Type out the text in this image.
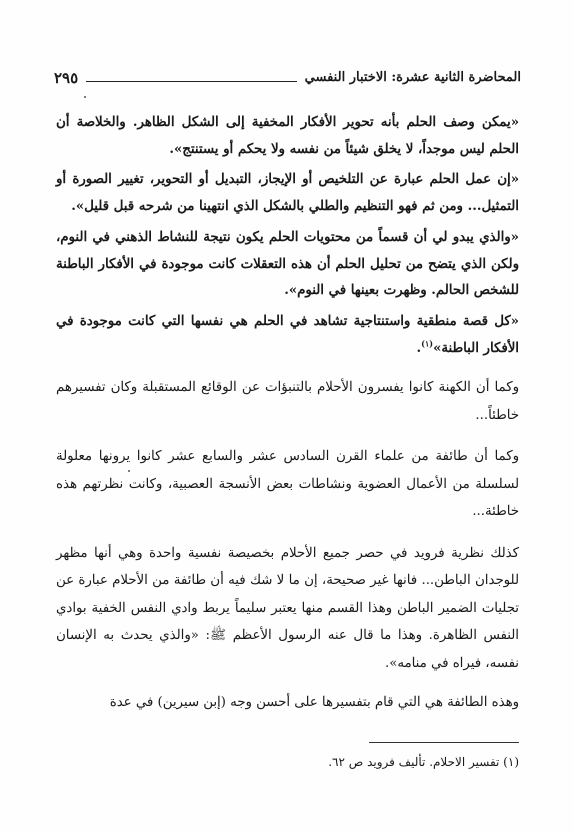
المحاضرة الثانية عشرة: الاختبار النفسي
٢٩٥

«يمكن وصف الحلم بأنه تحوير الأفكار المخفية إلى الشكل الظاهر. والخلاصة أن الحلم ليس موجداً، لا يخلق شيئاً من نفسه ولا يحكم أو يستنتج».

«إن عمل الحلم عبارة عن التلخيص أو الإيجاز، التبديل أو التحوير، تغيير الصورة أو التمثيل... ومن ثم فهو التنظيم والطلي بالشكل الذي انتهينا من شرحه قبل قليل».

«والذي يبدو لي أن قسماً من محتويات الحلم يكون نتيجة للنشاط الذهني في النوم، ولكن الذي يتضح من تحليل الحلم أن هذه التعقلات كانت موجودة في الأفكار الباطنة للشخص الحالم. وظهرت بعينها في النوم».

«كل قصة منطقية واستنتاجية تشاهد في الحلم هي نفسها التي كانت موجودة في الأفكار الباطنة»$^{(١)}$.

وكما أن الكهنة كانوا يفسرون الأحلام بالتنبؤات عن الوقائع المستقبلة وكان تفسيرهم خاطئاً...

وكما أن طائفة من علماء القرن السادس عشر والسابع عشر كانوا يرونها معلولة لسلسلة من الأعمال العضوية ونشاطات بعض الأنسجة العصبية، وكانت نظرتهم هذه خاطئة...

كذلك نظرية فرويد في حصر جميع الأحلام بخصيصة نفسية واحدة وهي أنها مظهر للوجدان الباطن... فانها غير صحيحة، إن ما لا شك فيه أن طائفة من الأحلام عبارة عن تجليات الضمير الباطن وهذا القسم منها يعتبر سليماً يربط وادي النفس الخفية بوادي النفس الظاهرة. وهذا ما قال عنه الرسول الأعظم ﷺ: «والذي يحدث به الإنسان نفسه، فيراه في منامه».

وهذه الطائفة هي التي قام بتفسيرها على أحسن وجه (إبن سيرين) في عدة

(١) تفسير الاحلام. تأليف فرويد ص ٦٢.
